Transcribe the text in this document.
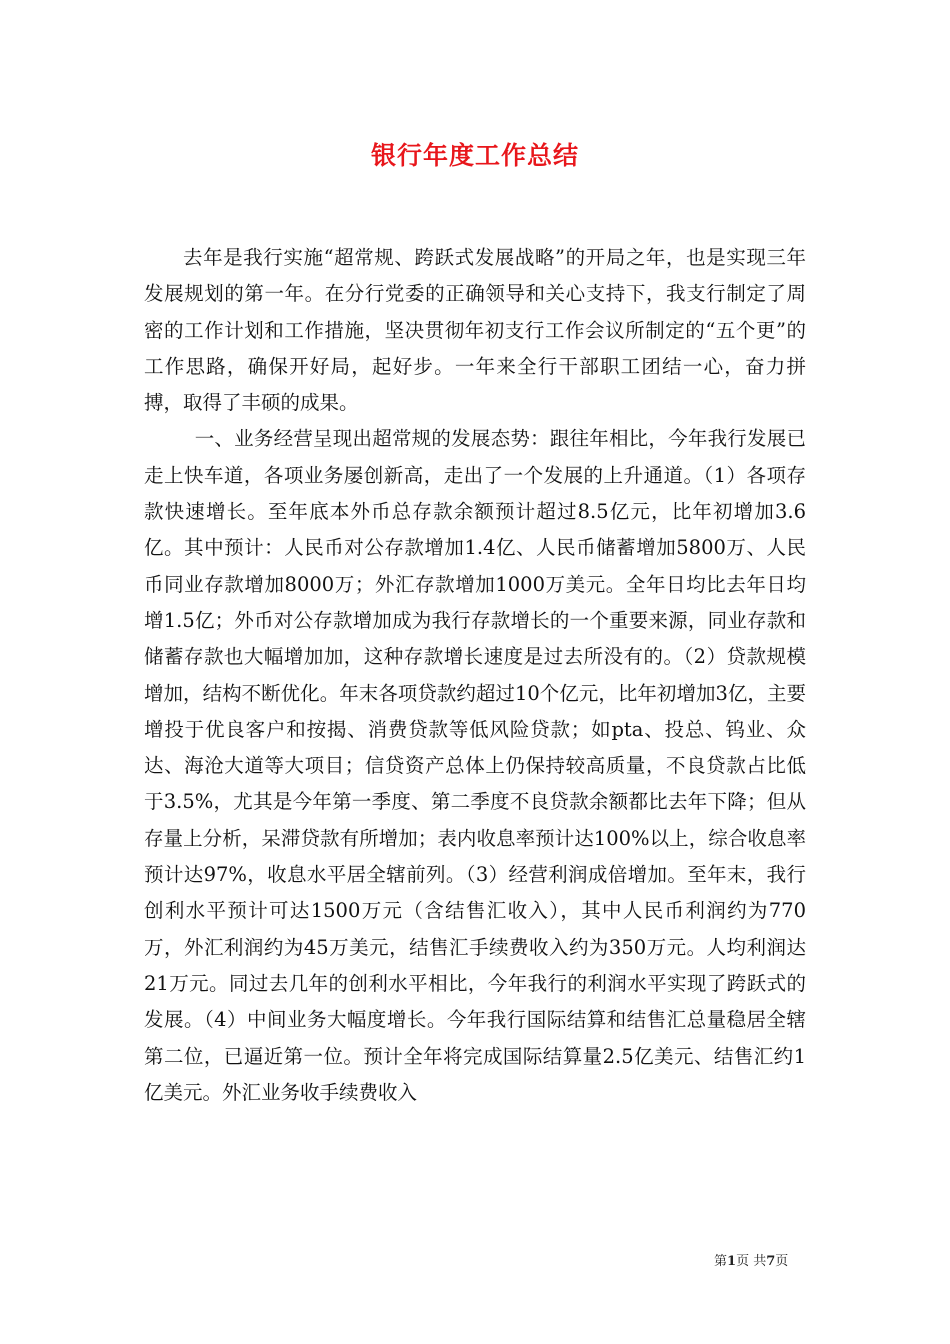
银行年度工作总结

去年是我行实施“超常规、跨跃式发展战略”的开局之年，也是实现三年发展规划的第一年。在分行党委的正确领导和关心支持下，我支行制定了周密的工作计划和工作措施，坚决贯彻年初支行工作会议所制定的“五个更”的工作思路，确保开好局，起好步。一年来全行干部职工团结一心，奋力拼搏，取得了丰硕的成果。

一、业务经营呈现出超常规的发展态势：跟往年相比，今年我行发展已走上快车道，各项业务屡创新高，走出了一个发展的上升通道。（1）各项存款快速增长。至年底本外币总存款余额预计超过8.5亿元，比年初增加3.6亿。其中预计：人民币对公存款增加1.4亿、人民币储蓄增加5800万、人民币同业存款增加8000万；外汇存款增加1000万美元。全年日均比去年日均增1.5亿；外币对公存款增加成为我行存款增长的一个重要来源，同业存款和储蓄存款也大幅增加加，这种存款增长速度是过去所没有的。（2）贷款规模增加，结构不断优化。年末各项贷款约超过10个亿元，比年初增加3亿，主要增投于优良客户和按揭、消费贷款等低风险贷款；如pta、投总、钨业、众达、海沧大道等大项目；信贷资产总体上仍保持较高质量，不良贷款占比低于3.5%，尤其是今年第一季度、第二季度不良贷款余额都比去年下降；但从存量上分析，呆滞贷款有所增加；表内收息率预计达100%以上，综合收息率预计达97%，收息水平居全辖前列。（3）经营利润成倍增加。至年末，我行创利水平预计可达1500万元（含结售汇收入），其中人民币利润约为770万，外汇利润约为45万美元，结售汇手续费收入约为350万元。人均利润达21万元。同过去几年的创利水平相比，今年我行的利润水平实现了跨跃式的发展。（4）中间业务大幅度增长。今年我行国际结算和结售汇总量稳居全辖第二位，已逼近第一位。预计全年将完成国际结算量2.5亿美元、结售汇约1亿美元。外汇业务收手续费收入

第1页 共7页
